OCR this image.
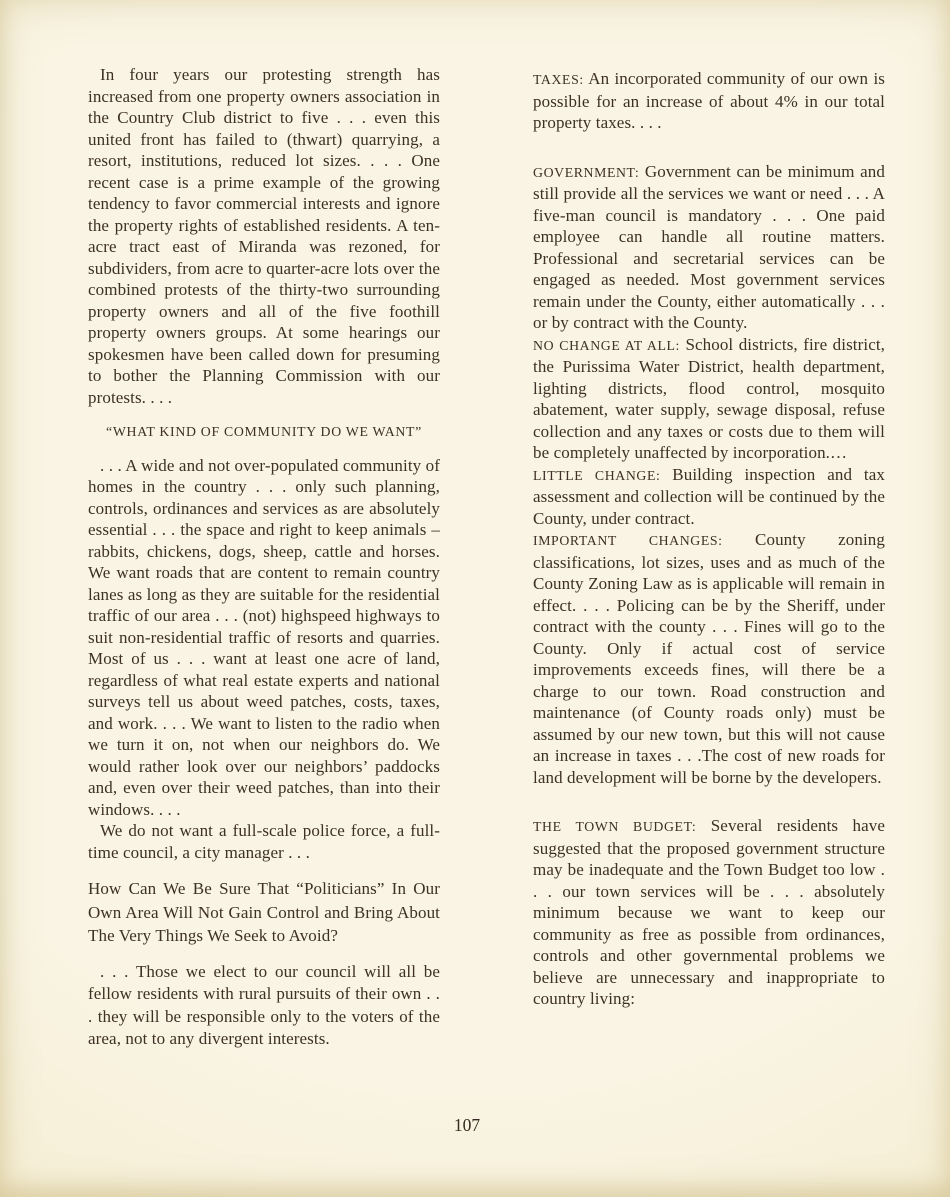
In four years our protesting strength has increased from one property owners association in the Country Club district to five . . . even this united front has failed to (thwart) quarrying, a resort, institutions, reduced lot sizes. . . . One recent case is a prime example of the growing tendency to favor commercial interests and ignore the property rights of established residents. A ten-acre tract east of Miranda was rezoned, for subdividers, from acre to quarter-acre lots over the combined protests of the thirty-two surrounding property owners and all of the five foothill property owners groups. At some hearings our spokesmen have been called down for presuming to bother the Planning Commission with our protests. . . .

“WHAT KIND OF COMMUNITY DO WE WANT”

. . . A wide and not over-populated community of homes in the country . . . only such planning, controls, ordinances and services as are absolutely essential . . . the space and right to keep animals – rabbits, chickens, dogs, sheep, cattle and horses. We want roads that are content to remain country lanes as long as they are suitable for the residential traffic of our area . . . (not) highspeed highways to suit non-residential traffic of resorts and quarries. Most of us . . . want at least one acre of land, regardless of what real estate experts and national surveys tell us about weed patches, costs, taxes, and work. . . . We want to listen to the radio when we turn it on, not when our neighbors do. We would rather look over our neighbors’ paddocks and, even over their weed patches, than into their windows. . . .

We do not want a full-scale police force, a full-time council, a city manager . . .

How Can We Be Sure That “Politicians” In Our Own Area Will Not Gain Control and Bring About The Very Things We Seek to Avoid?

. . . Those we elect to our council will all be fellow residents with rural pursuits of their own . . . they will be responsible only to the voters of the area, not to any divergent interests.

TAXES: An incorporated community of our own is possible for an increase of about 4% in our total property taxes. . . .

GOVERNMENT: Government can be minimum and still provide all the services we want or need . . . A five-man council is mandatory . . . One paid employee can handle all routine matters. Professional and secretarial services can be engaged as needed. Most government services remain under the County, either automatically . . . or by contract with the County.

NO CHANGE AT ALL: School districts, fire district, the Purissima Water District, health department, lighting districts, flood control, mosquito abatement, water supply, sewage disposal, refuse collection and any taxes or costs due to them will be completely unaffected by incorporation.…

LITTLE CHANGE: Building inspection and tax assessment and collection will be continued by the County, under contract.

IMPORTANT CHANGES: County zoning classifications, lot sizes, uses and as much of the County Zoning Law as is applicable will remain in effect. . . . Policing can be by the Sheriff, under contract with the county . . . Fines will go to the County. Only if actual cost of service improvements exceeds fines, will there be a charge to our town. Road construction and maintenance (of County roads only) must be assumed by our new town, but this will not cause an increase in taxes . . .The cost of new roads for land development will be borne by the developers.

THE TOWN BUDGET: Several residents have suggested that the proposed government structure may be inadequate and the Town Budget too low . . . our town services will be . . . absolutely minimum because we want to keep our community as free as possible from ordinances, controls and other governmental problems we believe are unnecessary and inappropriate to country living:

107
